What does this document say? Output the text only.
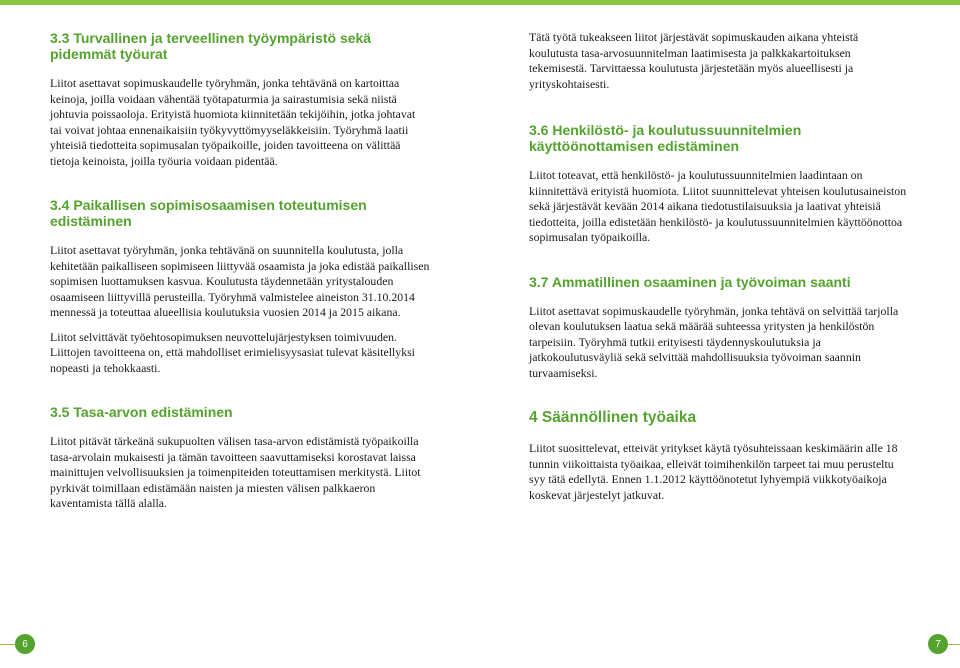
3.3 Turvallinen ja terveellinen työympäristö sekä pidemmät työurat

Liitot asettavat sopimuskaudelle työryhmän, jonka tehtävänä on kartoittaa keinoja, joilla voidaan vähentää työtapaturmia ja sairastumisia sekä niistä johtuvia poissaoloja. Erityistä huomiota kiinnitetään tekijöihin, jotka johtavat tai voivat johtaa ennenaikaisiin työkyvyttömyyseläkkeisiin. Työryhmä laatii yhteisiä tiedotteita sopimusalan työpaikoille, joiden tavoitteena on välittää tietoja keinoista, joilla työuria voidaan pidentää.

3.4 Paikallisen sopimisosaamisen toteutumisen edistäminen

Liitot asettavat työryhmän, jonka tehtävänä on suunnitella koulutusta, jolla kehitetään paikalliseen sopimiseen liittyvää osaamista ja joka edistää paikallisen sopimisen luottamuksen kasvua. Koulutusta täydennetään yritystalouden osaamiseen liittyvillä perusteilla. Työryhmä valmistelee aineiston 31.10.2014 mennessä ja toteuttaa alueellisia koulutuksia vuosien 2014 ja 2015 aikana.

Liitot selvittävät työehtosopimuksen neuvottelujärjestyksen toimivuuden. Liittojen tavoitteena on, että mahdolliset erimielisyysasiat tulevat käsitellyksi nopeasti ja tehokkaasti.

3.5 Tasa-arvon edistäminen

Liitot pitävät tärkeänä sukupuolten välisen tasa-arvon edistämistä työpaikoilla tasa-arvolain mukaisesti ja tämän tavoitteen saavuttamiseksi korostavat laissa mainittujen velvollisuuksien ja toimenpiteiden toteuttamisen merkitystä. Liitot pyrkivät toimillaan edistämään naisten ja miesten välisen palkkaeron kaventamista tällä alalla.

Tätä työtä tukeakseen liitot järjestävät sopimuskauden aikana yhteistä koulutusta tasa-arvosuunnitelman laatimisesta ja palkkakartoituksen tekemisestä. Tarvittaessa koulutusta järjestetään myös alueellisesti ja yrityskohtaisesti.

3.6 Henkilöstö- ja koulutussuunnitelmien käyttöönottamisen edistäminen

Liitot toteavat, että henkilöstö- ja koulutussuunnitelmien laadintaan on kiinnitettävä erityistä huomiota. Liitot suunnittelevat yhteisen koulutusaineiston sekä järjestävät kevään 2014 aikana tiedotustilaisuuksia ja laativat yhteisiä tiedotteita, joilla edistetään henkilöstö- ja koulutussuunnitelmien käyttöönottoa sopimusalan työpaikoilla.

3.7 Ammatillinen osaaminen ja työvoiman saanti

Liitot asettavat sopimuskaudelle työryhmän, jonka tehtävä on selvittää tarjolla olevan koulutuksen laatua sekä määrää suhteessa yritysten ja henkilöstön tarpeisiin. Työryhmä tutkii erityisesti täydennyskoulutuksia ja jatkokoulutusväyliä sekä selvittää mahdollisuuksia työvoiman saannin turvaamiseksi.

4 Säännöllinen työaika

Liitot suosittelevat, etteivät yritykset käytä työsuhteissaan keskimäärin alle 18 tunnin viikoittaista työaikaa, elleivät toimihenkilön tarpeet tai muu perusteltu syy tätä edellytä. Ennen 1.1.2012 käyttöönotetut lyhyempiä viikkotyöaikoja koskevat järjestelyt jatkuvat.

6	7
